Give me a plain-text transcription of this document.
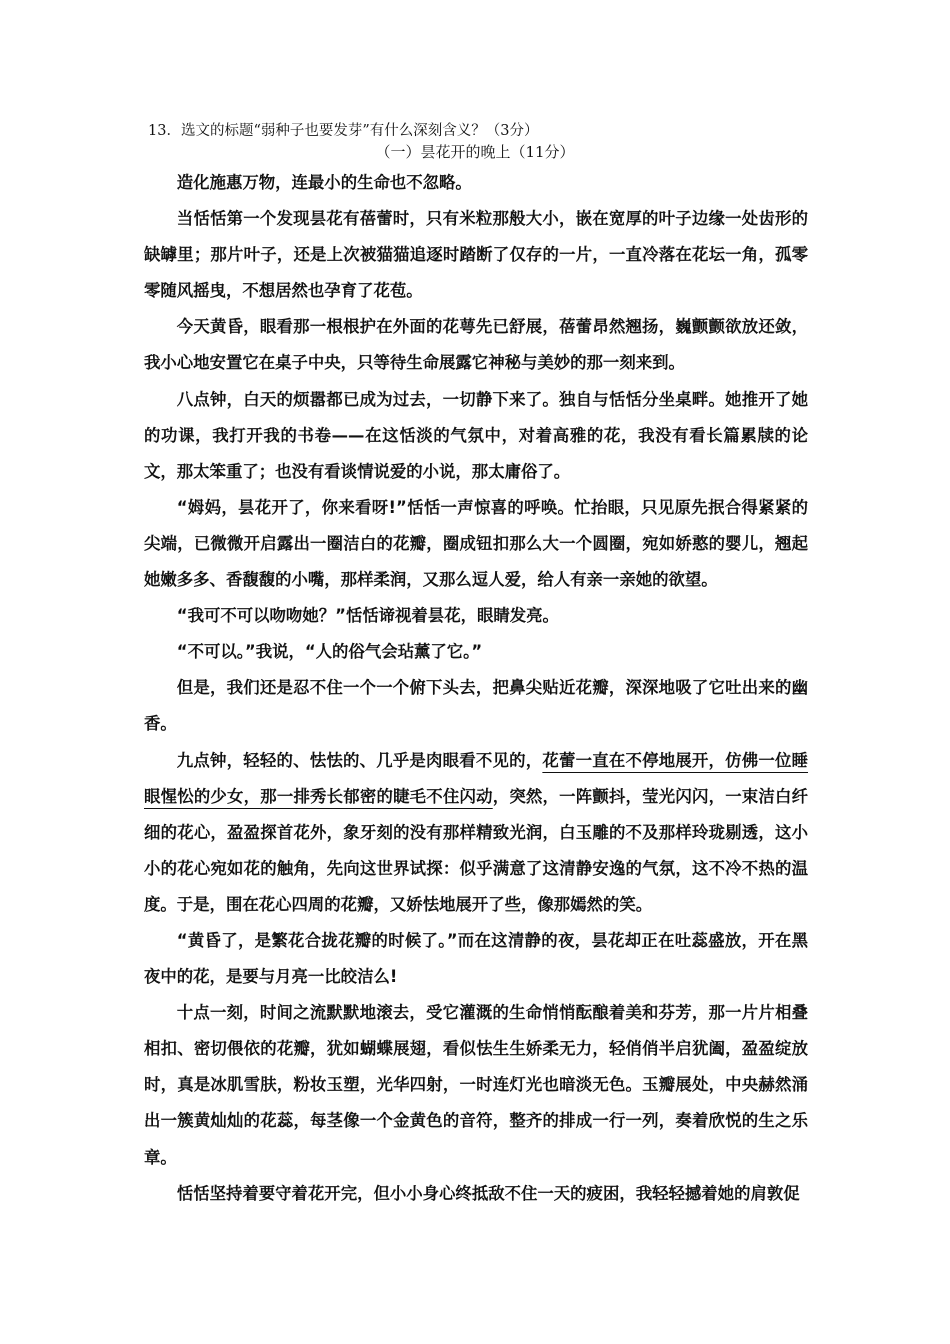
13．选文的标题“弱种子也要发芽”有什么深刻含义？（3分）
（一）昙花开的晚上（11分）

造化施惠万物，连最小的生命也不忽略。

当恬恬第一个发现昙花有蓓蕾时，只有米粒那般大小，嵌在宽厚的叶子边缘一处齿形的缺罅里；那片叶子，还是上次被猫猫追逐时踏断了仅存的一片，一直冷落在花坛一角，孤零零随风摇曳，不想居然也孕育了花苞。

今天黄昏，眼看那一根根护在外面的花萼先已舒展，蓓蕾昂然翘扬，巍颤颤欲放还敛，我小心地安置它在桌子中央，只等待生命展露它神秘与美妙的那一刻来到。

八点钟，白天的烦嚣都已成为过去，一切静下来了。独自与恬恬分坐桌畔。她推开了她的功课，我打开我的书卷——在这恬淡的气氛中，对着高雅的花，我没有看长篇累牍的论文，那太笨重了；也没有看谈情说爱的小说，那太庸俗了。

“姆妈，昙花开了，你来看呀!”恬恬一声惊喜的呼唤。忙抬眼，只见原先抿合得紧紧的尖端，已微微开启露出一圈洁白的花瓣，圈成钮扣那么大一个圆圈，宛如娇憨的婴儿，翘起她嫩多多、香馥馥的小嘴，那样柔润，又那么逗人爱，给人有亲一亲她的欲望。

“我可不可以吻吻她？”恬恬谛视着昙花，眼睛发亮。

“不可以。”我说，“人的俗气会玷薰了它。”

但是，我们还是忍不住一个一个俯下头去，把鼻尖贴近花瓣，深深地吸了它吐出来的幽香。

九点钟，轻轻的、怯怯的、几乎是肉眼看不见的，花蕾一直在不停地展开，仿佛一位睡眼惺忪的少女，那一排秀长郁密的睫毛不住闪动，突然，一阵颤抖，莹光闪闪，一束洁白纤细的花心，盈盈探首花外，象牙刻的没有那样精致光润，白玉雕的不及那样玲珑剔透，这小小的花心宛如花的触角，先向这世界试探：似乎满意了这清静安逸的气氛，这不冷不热的温度。于是，围在花心四周的花瓣，又娇怯地展开了些，像那嫣然的笑。

“黄昏了，是繁花合拢花瓣的时候了。”而在这清静的夜，昙花却正在吐蕊盛放，开在黑夜中的花，是要与月亮一比皎洁么!

十点一刻，时间之流默默地滚去，受它灌溉的生命悄悄酝酿着美和芬芳，那一片片相叠相扣、密切偎依的花瓣，犹如蝴蝶展翅，看似怯生生娇柔无力，轻俏俏半启犹阖，盈盈绽放时，真是冰肌雪肤，粉妆玉塑，光华四射，一时连灯光也暗淡无色。玉瓣展处，中央赫然涌出一簇黄灿灿的花蕊，每茎像一个金黄色的音符，整齐的排成一行一列，奏着欣悦的生之乐章。

恬恬坚持着要守着花开完，但小小身心终抵敌不住一天的疲困，我轻轻撼着她的肩敦促
